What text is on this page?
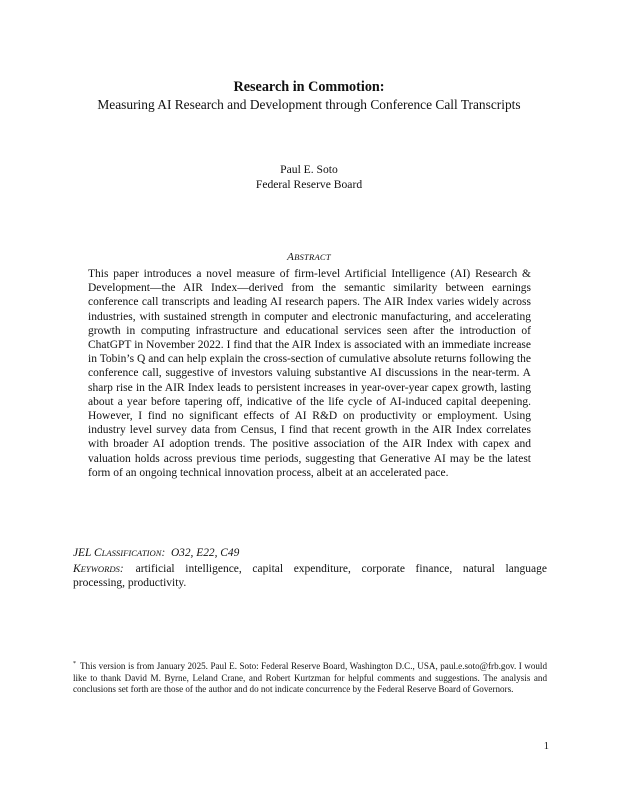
Research in Commotion:
Measuring AI Research and Development through Conference Call Transcripts
Paul E. Soto
Federal Reserve Board
ABSTRACT

This paper introduces a novel measure of firm-level Artificial Intelligence (AI) Research & Development—the AIR Index—derived from the semantic similarity between earnings conference call transcripts and leading AI research papers. The AIR Index varies widely across industries, with sustained strength in computer and electronic manufacturing, and accelerating growth in computing infrastructure and educational services seen after the introduction of ChatGPT in November 2022. I find that the AIR Index is associated with an immediate increase in Tobin’s Q and can help explain the cross-section of cumulative absolute returns following the conference call, suggestive of investors valuing substantive AI discussions in the near-term. A sharp rise in the AIR Index leads to persistent increases in year-over-year capex growth, lasting about a year before tapering off, indicative of the life cycle of AI-induced capital deepening. However, I find no significant effects of AI R&D on productivity or employment. Using industry level survey data from Census, I find that recent growth in the AIR Index correlates with broader AI adoption trends. The positive association of the AIR Index with capex and valuation holds across previous time periods, suggesting that Generative AI may be the latest form of an ongoing technical innovation process, albeit at an accelerated pace.

JEL CLASSIFICATION: O32, E22, C49
KEYWORDS: artificial intelligence, capital expenditure, corporate finance, natural language processing, productivity.
* This version is from January 2025. Paul E. Soto: Federal Reserve Board, Washington D.C., USA, paul.e.soto@frb.gov. I would like to thank David M. Byrne, Leland Crane, and Robert Kurtzman for helpful comments and suggestions. The analysis and conclusions set forth are those of the author and do not indicate concurrence by the Federal Reserve Board of Governors.
1
